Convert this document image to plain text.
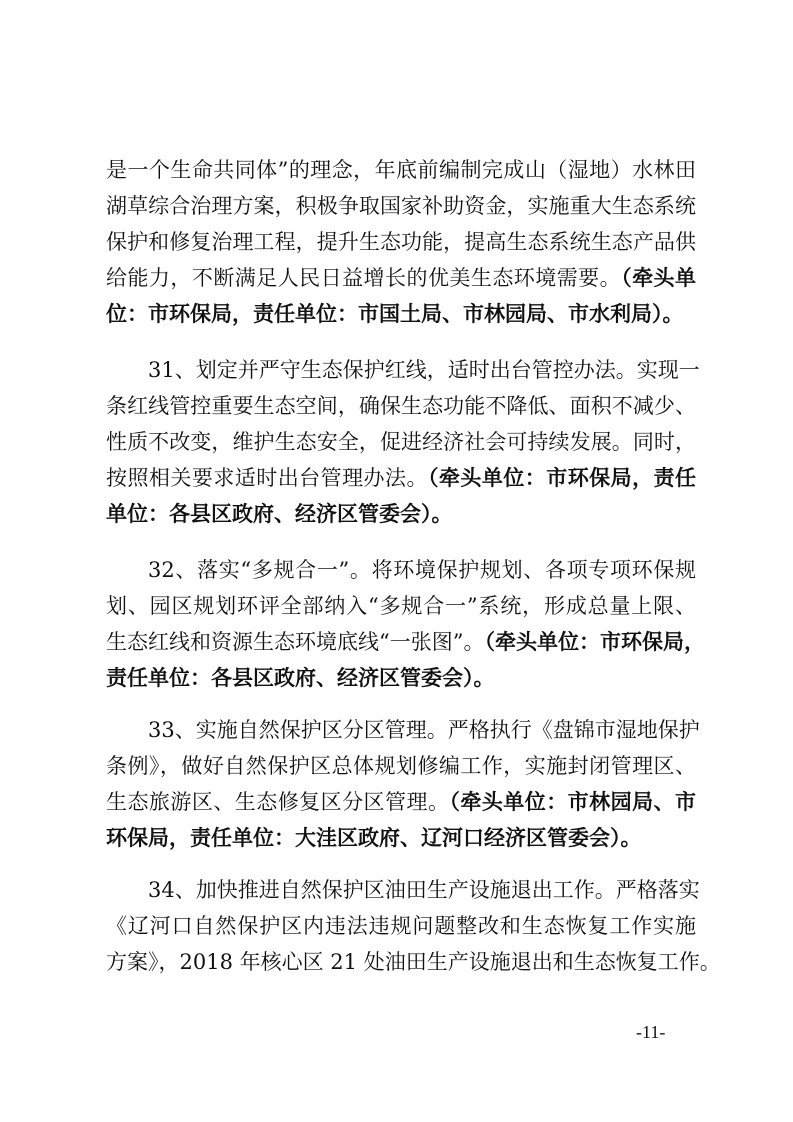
是一个生命共同体”的理念，年底前编制完成山（湿地）水林田
湖草综合治理方案，积极争取国家补助资金，实施重大生态系统
保护和修复治理工程，提升生态功能，提高生态系统生态产品供
给能力，不断满足人民日益增长的优美生态环境需要。（牵头单
位：市环保局，责任单位：市国土局、市林园局、市水利局）。
31、划定并严守生态保护红线，适时出台管控办法。实现一
条红线管控重要生态空间，确保生态功能不降低、面积不减少、
性质不改变，维护生态安全，促进经济社会可持续发展。同时，
按照相关要求适时出台管理办法。（牵头单位：市环保局，责任
单位：各县区政府、经济区管委会）。
32、落实“多规合一”。将环境保护规划、各项专项环保规
划、园区规划环评全部纳入“多规合一”系统，形成总量上限、
生态红线和资源生态环境底线“一张图”。（牵头单位：市环保局，
责任单位：各县区政府、经济区管委会）。
33、实施自然保护区分区管理。严格执行《盘锦市湿地保护
条例》，做好自然保护区总体规划修编工作，实施封闭管理区、
生态旅游区、生态修复区分区管理。（牵头单位：市林园局、市
环保局，责任单位：大洼区政府、辽河口经济区管委会）。
34、加快推进自然保护区油田生产设施退出工作。严格落实
《辽河口自然保护区内违法违规问题整改和生态恢复工作实施
方案》，2018 年核心区 21 处油田生产设施退出和生态恢复工作。
-11-
